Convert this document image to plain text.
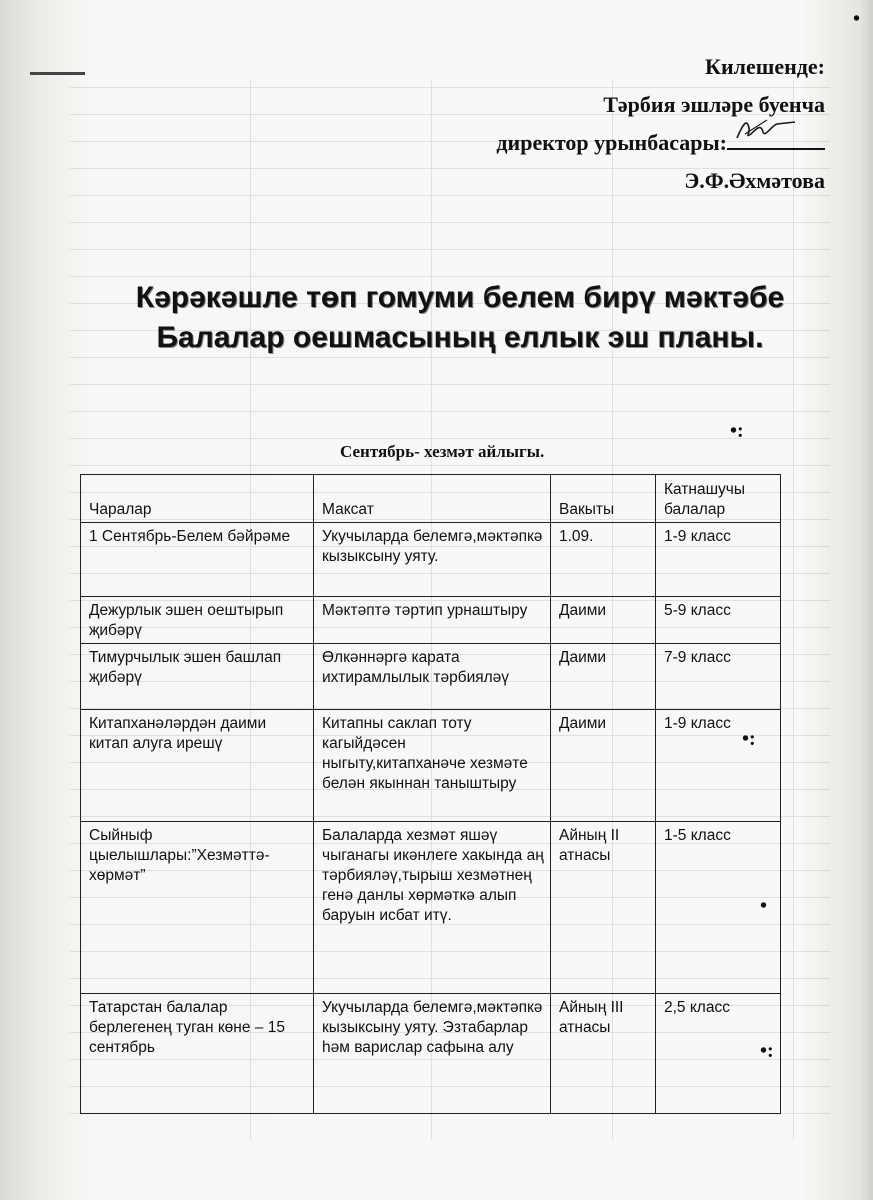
Килешенде:
Тәрбия эшләре буенча
директор урынбасары:
Э.Ф.Әхмәтова
Кәрәкәшле төп гомуми белем бирү мәктәбе
Балалар оешмасының еллык эш планы.
Сентябрь- хезмәт айлыгы.
Чаралар	Максат	Вакыты	Катнашучы балалар
1 Сентябрь-Белем бәйрәме	Укучыларда белемгә,мәктәпкә кызыксыну уяту.	1.09.	1-9 класс
Дежурлык эшен оештырып җибәрү	Мәктәптә тәртип урнаштыру	Даими	5-9 класс
Тимурчылык эшен башлап җибәрү	Өлкәннәргә карата ихтирамлылык тәрбияләү	Даими	7-9 класс
Китапханәләрдән даими китап алуга ирешү	Китапны саклап тоту кагыйдәсен ныгыту,китапханәче хезмәте белән якыннан таныштыру	Даими	1-9 класс
Сыйныф цыелышлары:”Хезмәттә-хөрмәт”	Балаларда хезмәт яшәү чыганагы икәнлеге хакында аң тәрбияләү,тырыш хезмәтнең генә данлы хөрмәткә алып баруын исбат итү.	Айның II атнасы	1-5 класс
Татарстан балалар берлегенең туган көне – 15 сентябрь	Укучыларда белемгә,мәктәпкә кызыксыну уяту. Эзтабарлар һәм варислар сафына алу	Айның III атнасы	2,5 класс
•:
•:
•
•:
•
